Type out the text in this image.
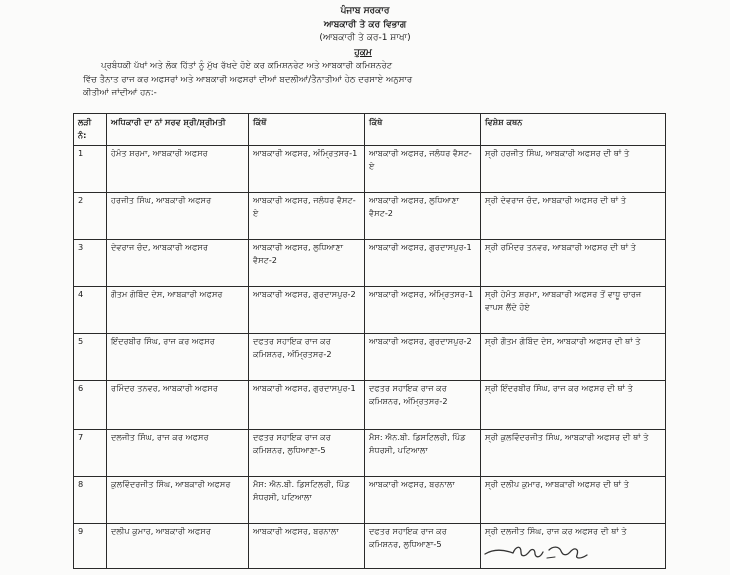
ਪੰਜਾਬ ਸਰਕਾਰ
ਆਬਕਾਰੀ ਤੇ ਕਰ ਵਿਭਾਗ
(ਆਬਕਾਰੀ ਤੇ ਕਰ-1 ਸ਼ਾਖਾ)
ਹੁਕਮ
ਪ੍ਰਬੰਧਕੀ ਪੱਖਾਂ ਅਤੇ ਲੋਕ ਹਿੱਤਾਂ ਨੂੰ ਮੁੱਖ ਰੱਖਦੇ ਹੋਏ ਕਰ ਕਮਿਸ਼ਨਰੇਟ ਅਤੇ ਆਬਕਾਰੀ ਕਮਿਸ਼ਨਰੇਟ
ਵਿੱਚ ਤੈਨਾਤ ਰਾਜ ਕਰ ਅਫਸਰਾਂ ਅਤੇ ਆਬਕਾਰੀ ਅਫਸਰਾਂ ਦੀਆਂ ਬਦਲੀਆਂ/ਤੈਨਾਤੀਆਂ ਹੇਠ ਦਰਸਾਏ ਅਨੁਸਾਰ
ਕੀਤੀਆਂ ਜਾਂਦੀਆਂ ਹਨ:-
ਲੜੀ ਨੰ:	ਅਧਿਕਾਰੀ ਦਾ ਨਾਂ ਸਰਵ ਸ਼੍ਰੀ/ਸ਼੍ਰੀਮਤੀ	ਕਿੱਥੋਂ	ਕਿੱਥੇ	ਵਿਸ਼ੇਸ਼ ਕਥਨ
1	ਹੇਮੰਤ ਸ਼ਰਮਾ, ਆਬਕਾਰੀ ਅਫਸਰ	ਆਬਕਾਰੀ ਅਫਸਰ, ਅੰਮ੍ਰਿਤਸਰ-1	ਆਬਕਾਰੀ ਅਫਸਰ, ਜਲੰਧਰ ਵੈਸਟ-ਏ	ਸ੍ਰੀ ਹਰਜੀਤ ਸਿੰਘ, ਆਬਕਾਰੀ ਅਫਸਰ ਦੀ ਥਾਂ ਤੇ
2	ਹਰਜੀਤ ਸਿੰਘ, ਆਬਕਾਰੀ ਅਫਸਰ	ਆਬਕਾਰੀ ਅਫਸਰ, ਜਲੰਧਰ ਵੈਸਟ-ਏ	ਆਬਕਾਰੀ ਅਫਸਰ, ਲੁਧਿਆਣਾ ਵੈਸਟ-2	ਸ੍ਰੀ ਦੇਵਰਾਜ ਚੰਦ, ਆਬਕਾਰੀ ਅਫਸਰ ਦੀ ਥਾਂ ਤੇ
3	ਦੇਵਰਾਜ ਚੰਦ, ਆਬਕਾਰੀ ਅਫਸਰ	ਆਬਕਾਰੀ ਅਫਸਰ, ਲੁਧਿਆਣਾ ਵੈਸਟ-2	ਆਬਕਾਰੀ ਅਫਸਰ, ਗੁਰਦਾਸਪੁਰ-1	ਸ੍ਰੀ ਰਮਿੰਦਰ ਤਨਵਰ, ਆਬਕਾਰੀ ਅਫਸਰ ਦੀ ਥਾਂ ਤੇ
4	ਗੌਤਮ ਗੋਬਿੰਦ ਦੇਸ, ਆਬਕਾਰੀ ਅਫਸਰ	ਆਬਕਾਰੀ ਅਫਸਰ, ਗੁਰਦਾਸਪੁਰ-2	ਆਬਕਾਰੀ ਅਫਸਰ, ਅੰਮ੍ਰਿਤਸਰ-1	ਸ੍ਰੀ ਹੇਮੰਤ ਸ਼ਰਮਾ, ਆਬਕਾਰੀ ਅਫਸਰ ਤੋਂ ਵਾਧੂ ਚਾਰਜ ਵਾਪਸ ਲੈਂਦੇ ਹੋਏ
5	ਇੰਦਰਬੀਰ ਸਿੰਘ, ਰਾਜ ਕਰ ਅਫਸਰ	ਦਫਤਰ ਸਹਾਇਕ ਰਾਜ ਕਰ ਕਮਿਸ਼ਨਰ, ਅੰਮ੍ਰਿਤਸਰ-2	ਆਬਕਾਰੀ ਅਫਸਰ, ਗੁਰਦਾਸਪੁਰ-2	ਸ੍ਰੀ ਗੌਤਮ ਗੋਬਿੰਦ ਦੇਸ, ਆਬਕਾਰੀ ਅਫਸਰ ਦੀ ਥਾਂ ਤੇ
6	ਰਮਿੰਦਰ ਤਨਵਰ, ਆਬਕਾਰੀ ਅਫਸਰ	ਆਬਕਾਰੀ ਅਫਸਰ, ਗੁਰਦਾਸਪੁਰ-1	ਦਫਤਰ ਸਹਾਇਕ ਰਾਜ ਕਰ ਕਮਿਸ਼ਨਰ, ਅੰਮ੍ਰਿਤਸਰ-2	ਸ੍ਰੀ ਇੰਦਰਬੀਰ ਸਿੰਘ, ਰਾਜ ਕਰ ਅਫਸਰ ਦੀ ਥਾਂ ਤੇ
7	ਦਲਜੀਤ ਸਿੰਘ, ਰਾਜ ਕਰ ਅਫਸਰ	ਦਫਤਰ ਸਹਾਇਕ ਰਾਜ ਕਰ ਕਮਿਸ਼ਨਰ, ਲੁਧਿਆਣਾ-5	ਮੈਸ: ਐਨ.ਬੀ. ਡਿਸਟਿਲਰੀ, ਪਿੰਡ ਸੰਧਰਸੀ, ਪਟਿਆਲਾ	ਸ੍ਰੀ ਕੁਲਵਿੰਦਰਜੀਤ ਸਿੰਘ, ਆਬਕਾਰੀ ਅਫਸਰ ਦੀ ਥਾਂ ਤੇ
8	ਕੁਲਵਿੰਦਰਜੀਤ ਸਿੰਘ, ਆਬਕਾਰੀ ਅਫਸਰ	ਮੈਸ: ਐਨ.ਬੀ. ਡਿਸਟਿਲਰੀ, ਪਿੰਡ ਸੰਧਰਸੀ, ਪਟਿਆਲਾ	ਆਬਕਾਰੀ ਅਫਸਰ, ਬਰਨਾਲਾ	ਸ੍ਰੀ ਦਲੀਪ ਕੁਮਾਰ, ਆਬਕਾਰੀ ਅਫਸਰ ਦੀ ਥਾਂ ਤੇ
9	ਦਲੀਪ ਕੁਮਾਰ, ਆਬਕਾਰੀ ਅਫਸਰ	ਆਬਕਾਰੀ ਅਫਸਰ, ਬਰਨਾਲਾ	ਦਫਤਰ ਸਹਾਇਕ ਰਾਜ ਕਰ ਕਮਿਸ਼ਨਰ, ਲੁਧਿਆਣਾ-5	ਸ੍ਰੀ ਦਲਜੀਤ ਸਿੰਘ, ਰਾਜ ਕਰ ਅਫਸਰ ਦੀ ਥਾਂ ਤੇ
